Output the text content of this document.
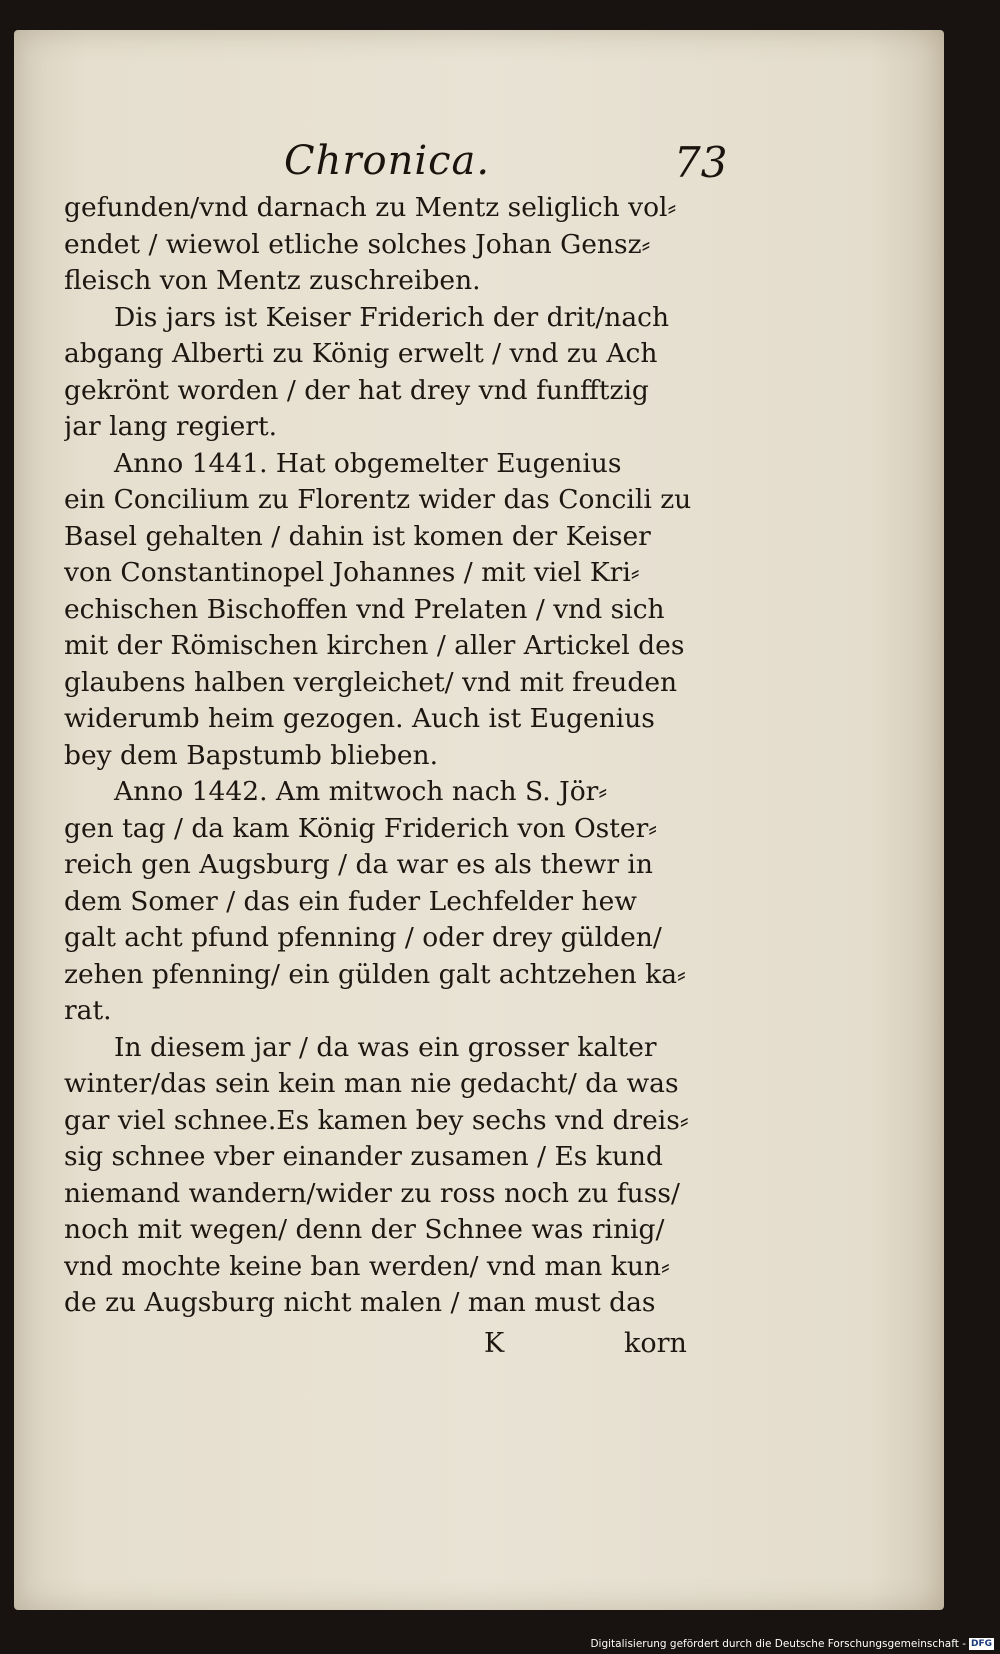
Chronica.	73
gefunden/vnd darnach zu Mentz seliglich vol⸗
endet / wiewol etliche solches Johan Gensz⸗
fleisch von Mentz zuschreiben.
Dis jars ist Keiser Friderich der drit/nach
abgang Alberti zu König erwelt / vnd zu Ach
gekrönt worden / der hat drey vnd funfftzig
jar lang regiert.
Anno 1441. Hat obgemelter Eugenius
ein Concilium zu Florentz wider das Concili zu
Basel gehalten / dahin ist komen der Keiser
von Constantinopel Johannes / mit viel Kri⸗
echischen Bischoffen vnd Prelaten / vnd sich
mit der Römischen kirchen / aller Artickel des
glaubens halben vergleichet/ vnd mit freuden
widerumb heim gezogen. Auch ist Eugenius
bey dem Bapstumb blieben.
Anno 1442. Am mitwoch nach S. Jör⸗
gen tag / da kam König Friderich von Oster⸗
reich gen Augsburg / da war es als thewr in
dem Somer / das ein fuder Lechfelder hew
galt acht pfund pfenning / oder drey gülden/
zehen pfenning/ ein gülden galt achtzehen ka⸗
rat.
In diesem jar / da was ein grosser kalter
winter/das sein kein man nie gedacht/ da was
gar viel schnee.Es kamen bey sechs vnd dreis⸗
sig schnee vber einander zusamen / Es kund
niemand wandern/wider zu ross noch zu fuss/
noch mit wegen/ denn der Schnee was rinig/
vnd mochte keine ban werden/ vnd man kun⸗
de zu Augsburg nicht malen / man must das
K	korn
Digitalisierung gefördert durch die Deutsche Forschungsgemeinschaft - DFG
